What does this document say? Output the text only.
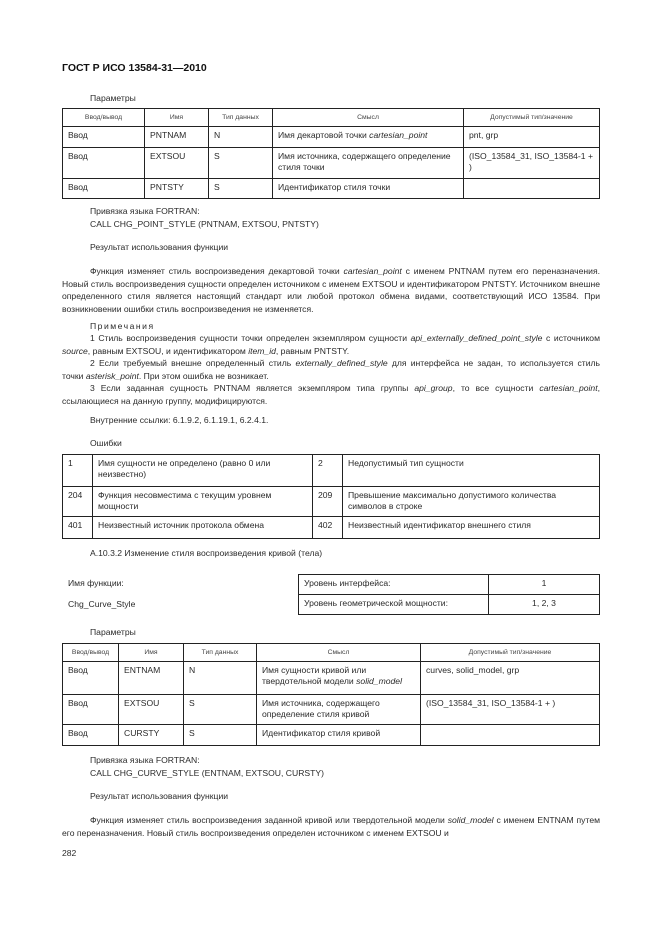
ГОСТ Р ИСО 13584-31—2010
Параметры
Ввод/вывод	Имя	Тип данных	Смысл	Допустимый тип/значение
Ввод	PNTNAM	N	Имя декартовой точки cartesian_point	pnt, grp
Ввод	EXTSOU	S	Имя источника, содержащего определение стиля точки	(ISO_13584_31, ISO_13584-1 + )
Ввод	PNTSTY	S	Идентификатор стиля точки	
Привязка языка FORTRAN:
CALL CHG_POINT_STYLE (PNTNAM, EXTSOU, PNTSTY)
Результат использования функции
Функция изменяет стиль воспроизведения декартовой точки cartesian_point с именем PNTNAM путем его переназначения. Новый стиль воспроизведения сущности определен источником с именем EXTSOU и идентификатором PNTSTY. Источником внешне определенного стиля является настоящий стандарт или любой протокол обмена видами, соответствующий ИСО 13584. При возникновении ошибки стиль воспроизведения не изменяется.
Примечания
1 Стиль воспроизведения сущности точки определен экземпляром сущности api_externally_defined_point_style с источником source, равным EXTSOU, и идентификатором item_id, равным PNTSTY.
2 Если требуемый внешне определенный стиль externally_defined_style для интерфейса не задан, то используется стиль точки asterisk_point. При этом ошибка не возникает.
3 Если заданная сущность PNTNAM является экземпляром типа группы api_group, то все сущности cartesian_point, ссылающиеся на данную группу, модифицируются.
Внутренние ссылки: 6.1.9.2, 6.1.19.1, 6.2.4.1.
Ошибки
1	Имя сущности не определено (равно 0 или неизвестно)	2	Недопустимый тип сущности
204	Функция несовместима с текущим уровнем мощности	209	Превышение максимально допустимого количества символов в строке
401	Неизвестный источник протокола обмена	402	Неизвестный идентификатор внешнего стиля
А.10.3.2 Изменение стиля воспроизведения кривой (тела)
Имя функции:
Chg_Curve_Style
Уровень интерфейса:	1
Уровень геометрической мощности:	1, 2, 3
Параметры
Ввод/вывод	Имя	Тип данных	Смысл	Допустимый тип/значение
Ввод	ENTNAM	N	Имя сущности кривой или твердотельной модели solid_model	curves, solid_model, grp
Ввод	EXTSOU	S	Имя источника, содержащего определение стиля кривой	(ISO_13584_31, ISO_13584-1 + )
Ввод	CURSTY	S	Идентификатор стиля кривой	
Привязка языка FORTRAN:
CALL CHG_CURVE_STYLE (ENTNAM, EXTSOU, CURSTY)
Результат использования функции
Функция изменяет стиль воспроизведения заданной кривой или твердотельной модели solid_model с именем ENTNAM путем его переназначения. Новый стиль воспроизведения определен источником с именем EXTSOU и
282
